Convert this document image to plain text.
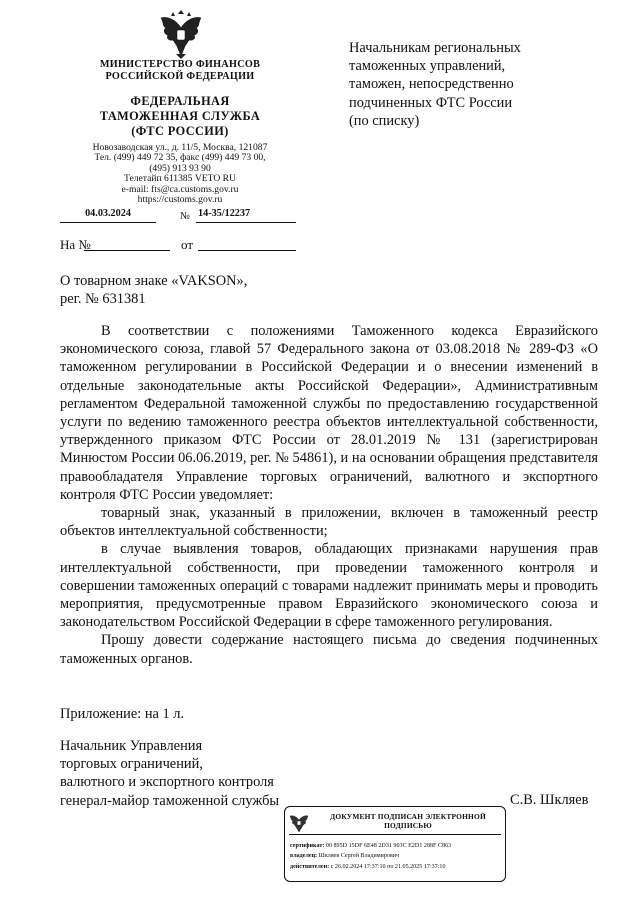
МИНИСТЕРСТВО ФИНАНСОВ
РОССИЙСКОЙ ФЕДЕРАЦИИ
ФЕДЕРАЛЬНАЯ
ТАМОЖЕННАЯ СЛУЖБА
(ФТС РОССИИ)
Новозаводская ул., д. 11/5, Москва, 121087
Тел. (499) 449 72 35, факс (499) 449 73 00,
(495) 913 93 90
Телетайп 611385 VETO RU
e-mail: fts@ca.customs.gov.ru
https://customs.gov.ru
04.03.2024	№ 14-35/12237
На №	от
Начальникам региональных
таможенных управлений,
таможен, непосредственно
подчиненных ФТС России
(по списку)
О товарном знаке «VAKSON»,
рег. № 631381

В соответствии с положениями Таможенного кодекса Евразийского экономического союза, главой 57 Федерального закона от 03.08.2018 № 289-ФЗ «О таможенном регулировании в Российской Федерации и о внесении изменений в отдельные законодательные акты Российской Федерации», Административным регламентом Федеральной таможенной службы по предоставлению государственной услуги по ведению таможенного реестра объектов интеллектуальной собственности, утвержденного приказом ФТС России от 28.01.2019 № 131 (зарегистрирован Минюстом России 06.06.2019, рег. № 54861), и на основании обращения представителя правообладателя Управление торговых ограничений, валютного и экспортного контроля ФТС России уведомляет:

товарный знак, указанный в приложении, включен в таможенный реестр объектов интеллектуальной собственности;

в случае выявления товаров, обладающих признаками нарушения прав интеллектуальной собственности, при проведении таможенного контроля и совершении таможенных операций с товарами надлежит принимать меры и проводить мероприятия, предусмотренные правом Евразийского экономического союза и законодательством Российской Федерации в сфере таможенного регулирования.

Прошу довести содержание настоящего письма до сведения подчиненных таможенных органов.

Приложение: на 1 л.
Начальник Управления
торговых ограничений,
валютного и экспортного контроля
генерал-майор таможенной службы	С.В. Шкляев
ДОКУМЕНТ ПОДПИСАН ЭЛЕКТРОННОЙ
ПОДПИСЬЮ
сертификат: 00 895D 15DF 6E48 2D31 903C E2D1 288F C863
владелец: Шкляев Сергей Владимирович
действителен: с 26.02.2024 17:37:10 по 21.05.2025 17:37:10
